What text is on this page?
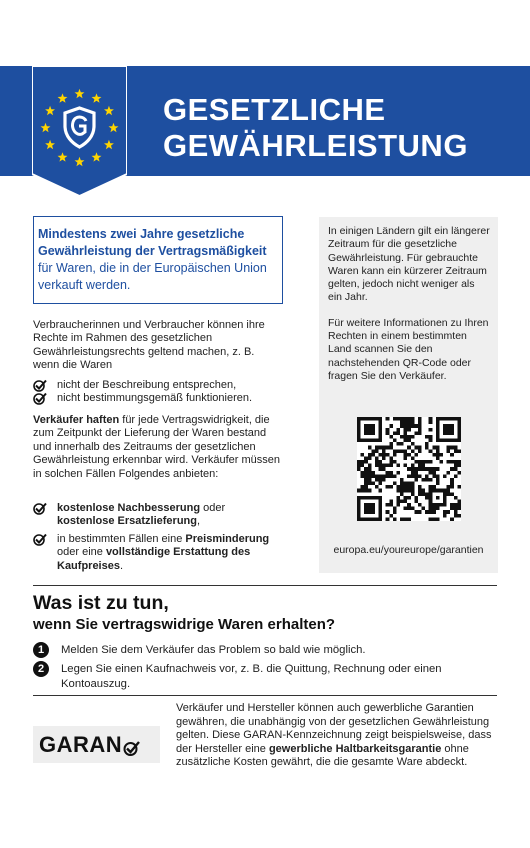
GESETZLICHE
GEWÄHRLEISTUNG
Mindestens zwei Jahre gesetzliche Gewährleistung der Vertragsmäßigkeit für Waren, die in der Europäischen Union verkauft werden.

Verbraucherinnen und Verbraucher können ihre Rechte im Rahmen des gesetzlichen Gewährleistungsrechts geltend machen, z. B. wenn die Waren

nicht der Beschreibung entsprechen,
nicht bestimmungsgemäß funktionieren.

Verkäufer haften für jede Vertragswidrigkeit, die zum Zeitpunkt der Lieferung der Waren bestand und innerhalb des Zeitraums der gesetzlichen Gewährleistung erkennbar wird. Verkäufer müssen in solchen Fällen Folgendes anbieten:

kostenlose Nachbesserung oder kostenlose Ersatzlieferung,
in bestimmten Fällen eine Preisminderung oder eine vollständige Erstattung des Kaufpreises.

In einigen Ländern gilt ein längerer Zeitraum für die gesetzliche Gewährleistung. Für gebrauchte Waren kann ein kürzerer Zeitraum gelten, jedoch nicht weniger als ein Jahr.

Für weitere Informationen zu Ihren Rechten in einem bestimmten Land scannen Sie den nachstehenden QR-Code oder fragen Sie den Verkäufer.

europa.eu/youreurope/garantien
Was ist zu tun,
wenn Sie vertragswidrige Waren erhalten?
1	Melden Sie dem Verkäufer das Problem so bald wie möglich.
2	Legen Sie einen Kaufnachweis vor, z. B. die Quittung, Rechnung oder einen Kontoauszug.
GARAN
Verkäufer und Hersteller können auch gewerbliche Garantien gewähren, die unabhängig von der gesetzlichen Gewährleistung gelten. Diese GARAN-Kennzeichnung zeigt beispielsweise, dass der Hersteller eine gewerbliche Haltbarkeitsgarantie ohne zusätzliche Kosten gewährt, die die gesamte Ware abdeckt.
